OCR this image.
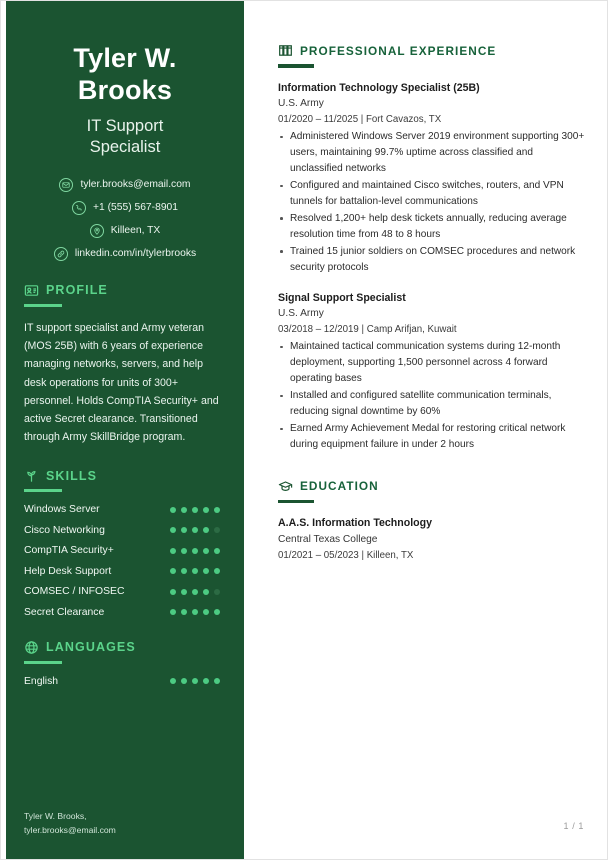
Tyler W.
Brooks
IT Support
Specialist
tyler.brooks@email.com
+1 (555) 567-8901
Killeen, TX
linkedin.com/in/tylerbrooks
PROFILE

IT support specialist and Army veteran (MOS 25B) with 6 years of experience managing networks, servers, and help desk operations for units of 300+ personnel. Holds CompTIA Security+ and active Secret clearance. Transitioned through Army SkillBridge program.

SKILLS
Windows Server
Cisco Networking
CompTIA Security+
Help Desk Support
COMSEC / INFOSEC
Secret Clearance
LANGUAGES
English
Tyler W. Brooks,
tyler.brooks@email.com
PROFESSIONAL EXPERIENCE
Information Technology Specialist (25B)
U.S. Army
01/2020 – 11/2025 | Fort Cavazos, TX
Administered Windows Server 2019 environment supporting 300+ users, maintaining 99.7% uptime across classified and unclassified networks
Configured and maintained Cisco switches, routers, and VPN tunnels for battalion-level communications
Resolved 1,200+ help desk tickets annually, reducing average resolution time from 48 to 8 hours
Trained 15 junior soldiers on COMSEC procedures and network security protocols
Signal Support Specialist
U.S. Army
03/2018 – 12/2019 | Camp Arifjan, Kuwait
Maintained tactical communication systems during 12-month deployment, supporting 1,500 personnel across 4 forward operating bases
Installed and configured satellite communication terminals, reducing signal downtime by 60%
Earned Army Achievement Medal for restoring critical network during equipment failure in under 2 hours
EDUCATION
A.A.S. Information Technology
Central Texas College
01/2021 – 05/2023 | Killeen, TX
1 / 1
